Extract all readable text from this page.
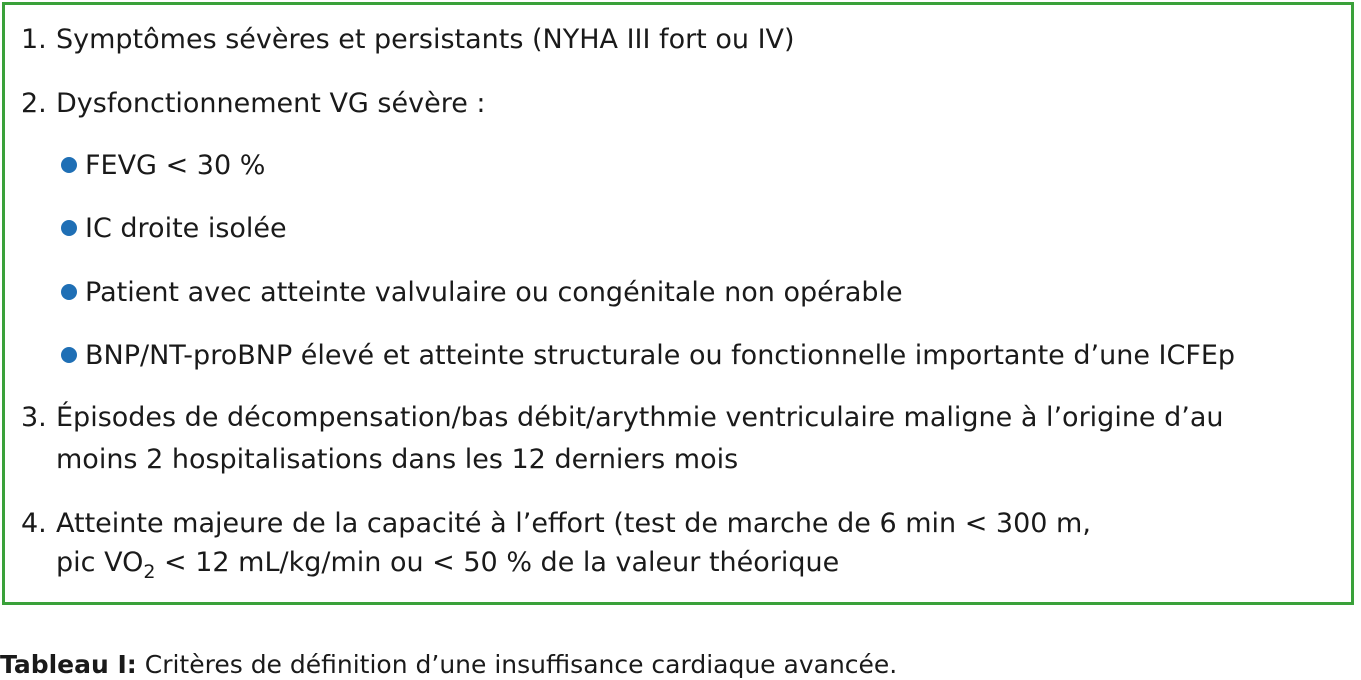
1. Symptômes sévères et persistants (NYHA III fort ou IV)
2. Dysfonctionnement VG sévère :
FEVG < 30 %
IC droite isolée
Patient avec atteinte valvulaire ou congénitale non opérable
BNP/NT-proBNP élevé et atteinte structurale ou fonctionnelle importante d’une ICFEp
3. Épisodes de décompensation/bas débit/arythmie ventriculaire maligne à l’origine d’au
moins 2 hospitalisations dans les 12 derniers mois
4. Atteinte majeure de la capacité à l’effort (test de marche de 6 min < 300 m,
pic $VO_2 < 12$ mL/kg/min ou < 50 % de la valeur théorique
Tableau I: Critères de définition d’une insuffisance cardiaque avancée.
